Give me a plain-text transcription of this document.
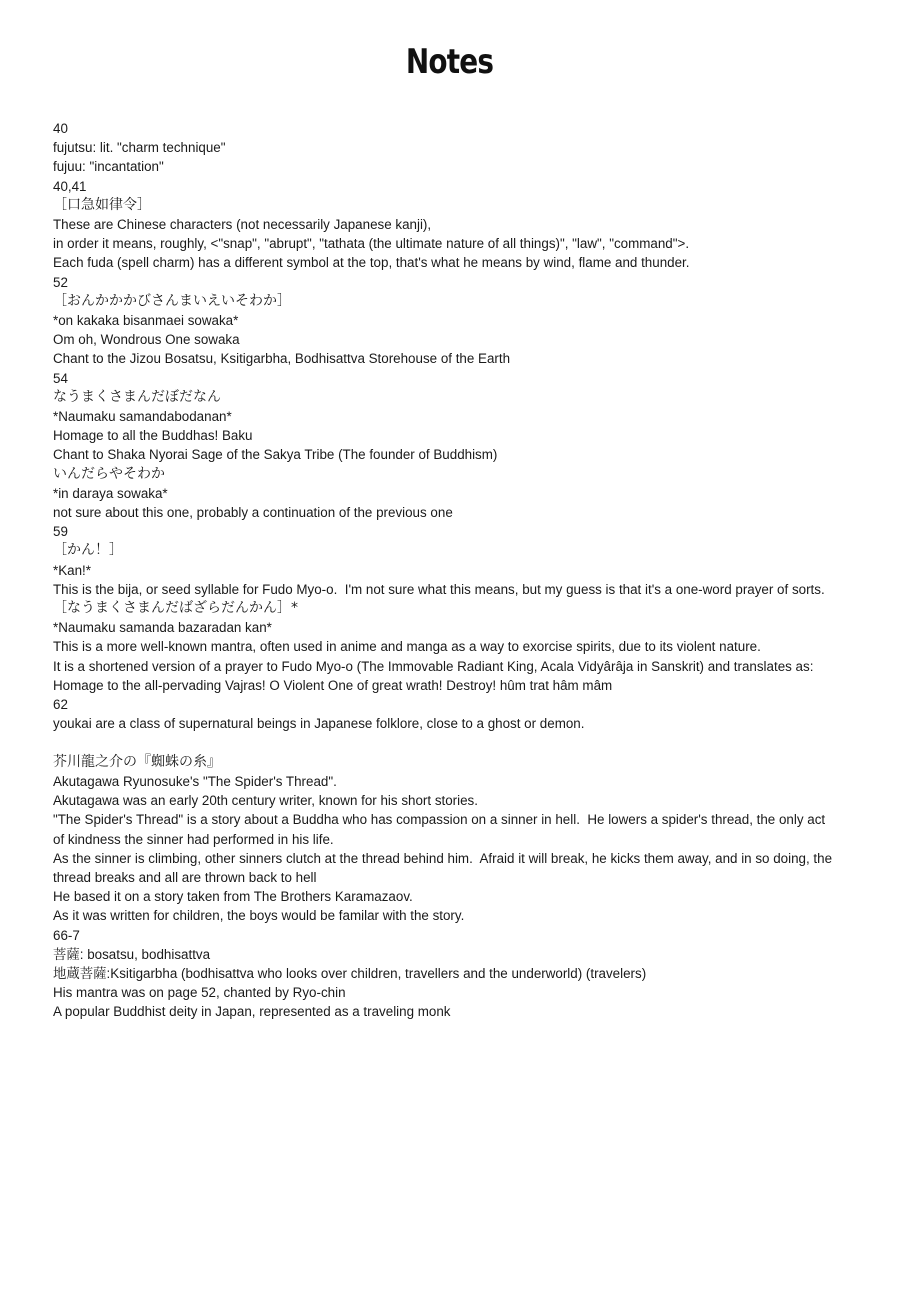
Notes
40
fujutsu: lit. "charm technique"
fujuu: "incantation"
40,41
［口急如律令］
These are Chinese characters (not necessarily Japanese kanji),
in order it means, roughly, <"snap", "abrupt", "tathata (the ultimate nature of all things)", "law", "command">.
Each fuda (spell charm) has a different symbol at the top, that's what he means by wind, flame and thunder.
52
［おんかかかびさんまいえいそわか］
*on kakaka bisanmaei sowaka*
Om oh, Wondrous One sowaka
Chant to the Jizou Bosatsu, Ksitigarbha, Bodhisattva Storehouse of the Earth
54
なうまくさまんだぼだなん
*Naumaku samandabodanan*
Homage to all the Buddhas! Baku
Chant to Shaka Nyorai Sage of the Sakya Tribe (The founder of Buddhism)
いんだらやそわか
*in daraya sowaka*
not sure about this one, probably a continuation of the previous one
59
［かん！］
*Kan!*
This is the bija, or seed syllable for Fudo Myo-o.  I'm not sure what this means, but my guess is that it's a one-word prayer of sorts.
［なうまくさまんだばざらだんかん］*
*Naumaku samanda bazaradan kan*
This is a more well-known mantra, often used in anime and manga as a way to exorcise spirits, due to its violent nature.
It is a shortened version of a prayer to Fudo Myo-o (The Immovable Radiant King, Acala Vidyârâja in Sanskrit) and translates as:
Homage to the all-pervading Vajras! O Violent One of great wrath! Destroy! hûm trat hâm mâm
62
youkai are a class of supernatural beings in Japanese folklore, close to a ghost or demon.
芥川龍之介の『蜘蛛の糸』
Akutagawa Ryunosuke's "The Spider's Thread".
Akutagawa was an early 20th century writer, known for his short stories.
"The Spider's Thread" is a story about a Buddha who has compassion on a sinner in hell.  He lowers a spider's thread, the only act of kindness the sinner had performed in his life.
As the sinner is climbing, other sinners clutch at the thread behind him.  Afraid it will break, he kicks them away, and in so doing, the thread breaks and all are thrown back to hell
He based it on a story taken from The Brothers Karamazaov.
As it was written for children, the boys would be familar with the story.
66-7
菩薩: bosatsu, bodhisattva
地蔵菩薩:Ksitigarbha (bodhisattva who looks over children, travellers and the underworld) (travelers)
His mantra was on page 52, chanted by Ryo-chin
A popular Buddhist deity in Japan, represented as a traveling monk
